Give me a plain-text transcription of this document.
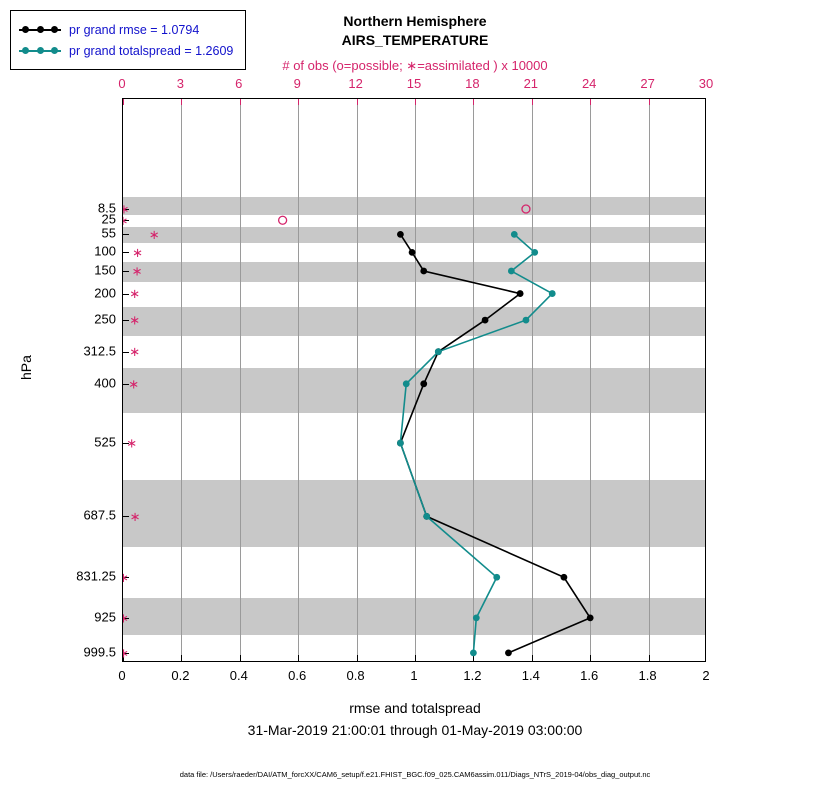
Northern Hemisphere
AIRS_TEMPERATURE
# of obs (o=possible; ∗=assimilated ) x 10000
∗
∗
∗
∗
∗
∗
∗
∗
∗
∗
∗
∗
∗
∗
rmse and totalspread
31-Mar-2019 21:00:01 through 01-May-2019 03:00:00
hPa
data file: /Users/raeder/DAI/ATM_forcXX/CAM6_setup/f.e21.FHIST_BGC.f09_025.CAM6assim.011/Diags_NTrS_2019-04/obs_diag_output.nc
pr grand rmse = 1.0794
pr grand totalspread = 1.2609
0	0.2	0.4	0.6	0.8	1	1.2	1.4	1.6	1.8	2
0	3	6	9	12	15	18	21	24	27	30
8.5
25
55
100
150
200
250
312.5
400
525
687.5
831.25
925
999.5
